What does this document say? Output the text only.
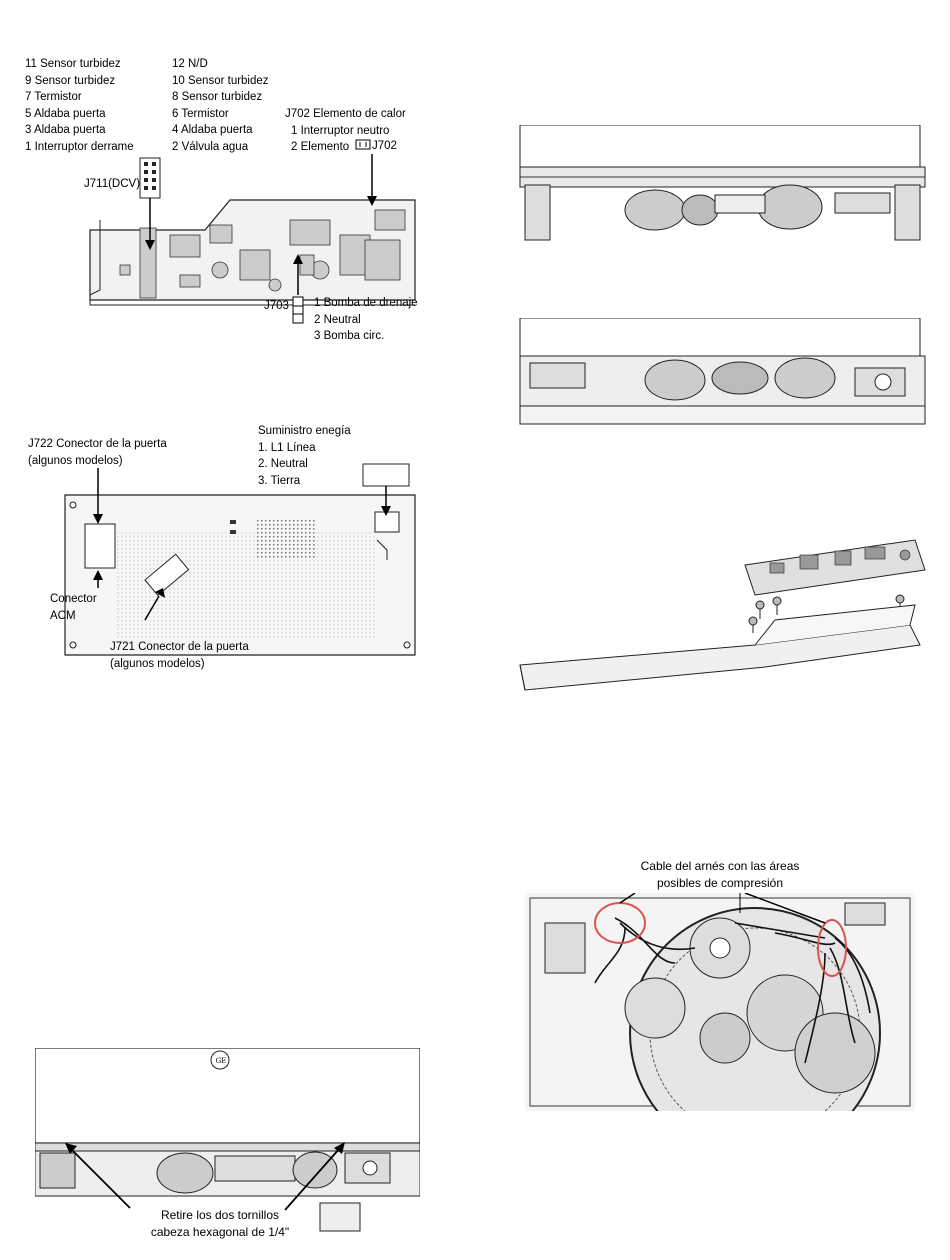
11 Sensor turbidez
9 Sensor turbidez
7 Termistor
5 Aldaba puerta
3 Aldaba puerta
1 Interruptor derrame
12 N/D
10 Sensor turbidez
8 Sensor turbidez
6 Termistor
4 Aldaba puerta
2 Válvula agua
J702 Elemento de calor
1 Interruptor neutro
2 Elemento	J702
J711(DCV)
J703 1 Bomba de drenaje
2 Neutral
3 Bomba circ.
J722 Conector de la puerta
(algunos modelos)
Suministro enegía
1. L1 Línea
2. Neutral
3. Tierra
Conector
ACM
J721 Conector de la puerta
(algunos modelos)
Cable del arnés con las áreas
posibles de compresión
GE
Retire los dos tornillos
cabeza hexagonal de 1/4"
